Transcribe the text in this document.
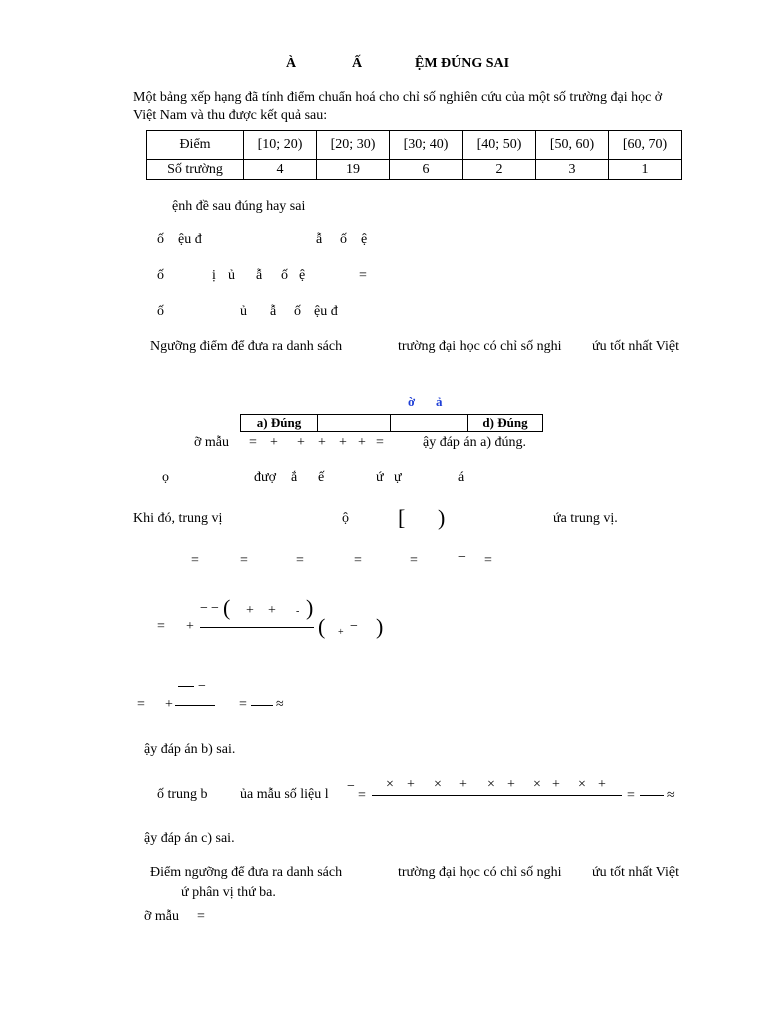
À	Ấ	ỆM ĐÚNG SAI
Một bảng xếp hạng đã tính điểm chuẩn hoá cho chỉ số nghiên cứu của một số trường đại học ở
Việt Nam và thu được kết quả sau:
Điểm	[10; 20)	[20; 30)	[30; 40)	[40; 50)	[50, 60)	[60, 70)
Số trường	4	19	6	2	3	1
ệnh đề sau đúng hay sai
ố ệu đ	ẫ ố ệ
ố	ị ủ ẫ ố ệ	=
ố	ủ ẫ ố ệu đ
Ngưỡng điểm để đưa ra danh sách	trường đại học có chỉ số nghi ứu tốt nhất Việt
ờ ả
a) Đúng			d) Đúng
ỡ mẫu = + + + + + =	ậy đáp án a) đúng.
ọ	đượ ắ ế	ứ ự	á
Khi đó, trung vị	ộ [ )	ứa trung vị.
=	=	=	=	=	− =
= +
− − ( + + - )
( + − )
= +
−
= ≈
ậy đáp án b) sai.
ố trung b ủa mẫu số liệu l
−
=
× + × + × + × + × +
= ≈
ậy đáp án c) sai.
Điểm ngưỡng để đưa ra danh sách	trường đại học có chỉ số nghi ứu tốt nhất Việt
ứ phân vị thứ ba.
ỡ mẫu =
